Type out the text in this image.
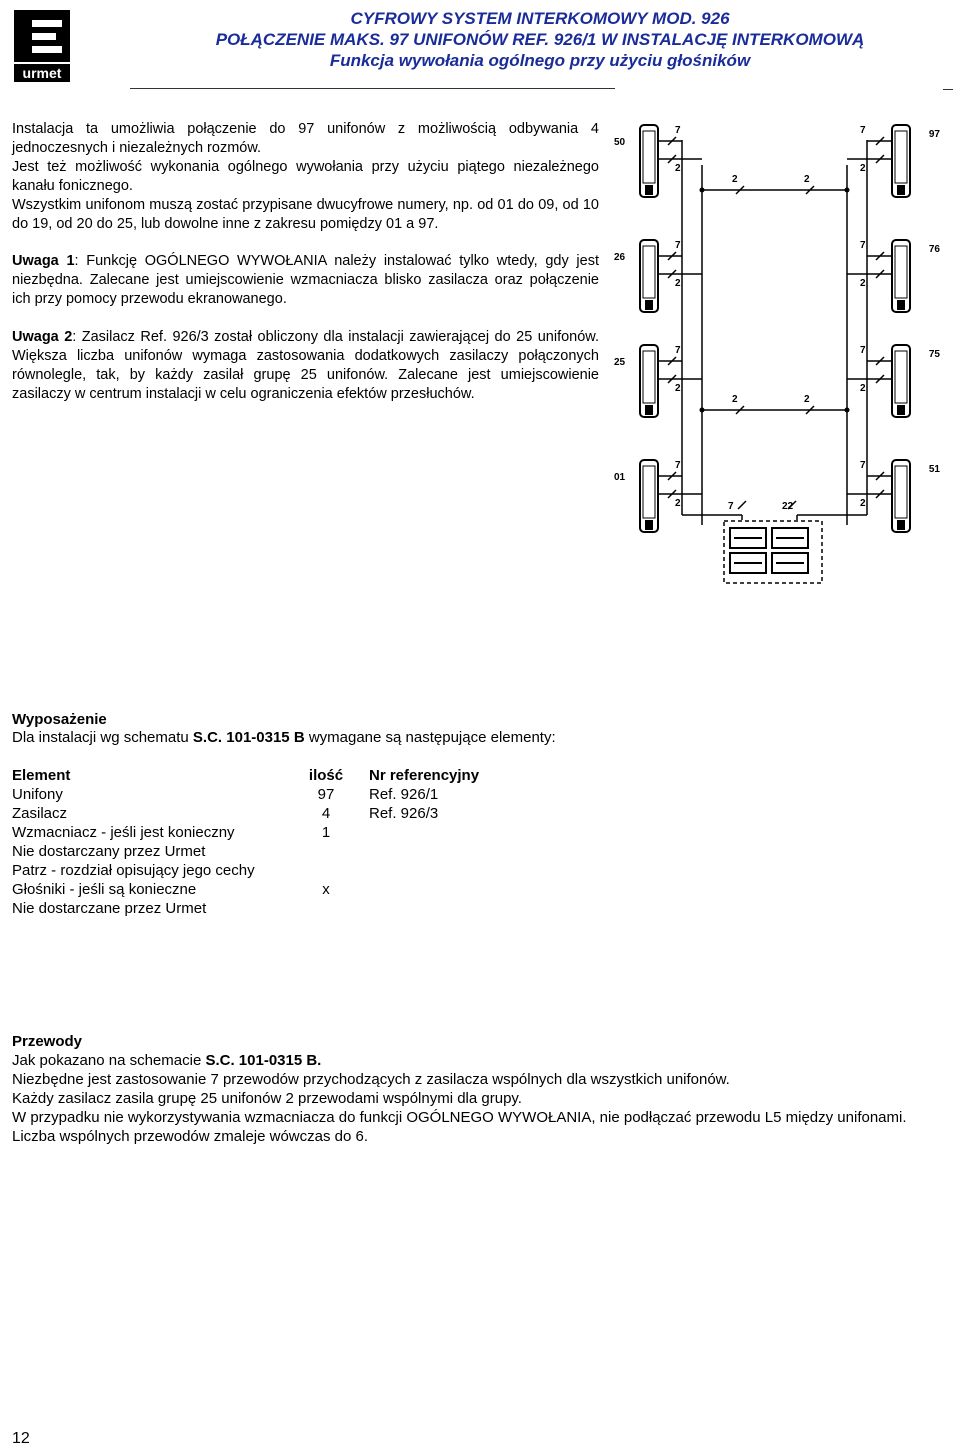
urmet
CYFROWY SYSTEM INTERKOMOWY MOD. 926
POŁĄCZENIE MAKS. 97 UNIFONÓW REF. 926/1 W INSTALACJĘ INTERKOMOWĄ
Funkcja wywołania ogólnego przy użyciu głośników
Instalacja ta umożliwia połączenie do 97 unifonów z możliwością odbywania 4 jednoczesnych i niezależnych rozmów.
Jest też możliwość wykonania ogólnego wywołania przy użyciu piątego niezależnego kanału fonicznego.
Wszystkim unifonom muszą zostać przypisane dwucyfrowe numery, np. od 01 do 09, od 10 do 19, od 20 do 25, lub dowolne inne z zakresu pomiędzy 01 a 97.
Uwaga 1: Funkcję OGÓLNEGO WYWOŁANIA należy instalować tylko wtedy, gdy jest niezbędna. Zalecane jest umiejscowienie wzmacniacza blisko zasilacza oraz połączenie ich przy pomocy przewodu ekranowanego.
Uwaga 2: Zasilacz Ref. 926/3 został obliczony dla instalacji zawierającej do 25 unifonów. Większa liczba unifonów wymaga zastosowania dodatkowych zasilaczy połączonych równolegle, tak, by każdy zasilał grupę 25 unifonów. Zalecane jest umiejscowienie zasilaczy w centrum instalacji w celu ograniczenia efektów przesłuchów.
50
97
7	7
2	2
26
76
7	7
2	2
25
75
7	7
2	2
01
51
7	7
2	2
2	2
2	2
7	22
Wyposażenie
Dla instalacji wg schematu S.C. 101-0315 B wymagane są następujące elementy:
Element	ilość	Nr referencyjny
Unifony	97	Ref. 926/1
Zasilacz	4	Ref. 926/3
Wzmacniacz - jeśli jest konieczny	1	
Nie dostarczany przez Urmet		
Patrz - rozdział opisujący jego cechy		
Głośniki - jeśli są konieczne	x	
Nie dostarczane przez Urmet		
Przewody
Jak pokazano na schemacie S.C. 101-0315 B.
Niezbędne jest zastosowanie 7 przewodów przychodzących z zasilacza wspólnych dla wszystkich unifonów.
Każdy zasilacz zasila grupę 25 unifonów 2 przewodami wspólnymi dla grupy.
W przypadku nie wykorzystywania wzmacniacza do funkcji OGÓLNEGO WYWOŁANIA, nie podłączać przewodu L5 między unifonami. Liczba wspólnych przewodów zmaleje wówczas do 6.
12
